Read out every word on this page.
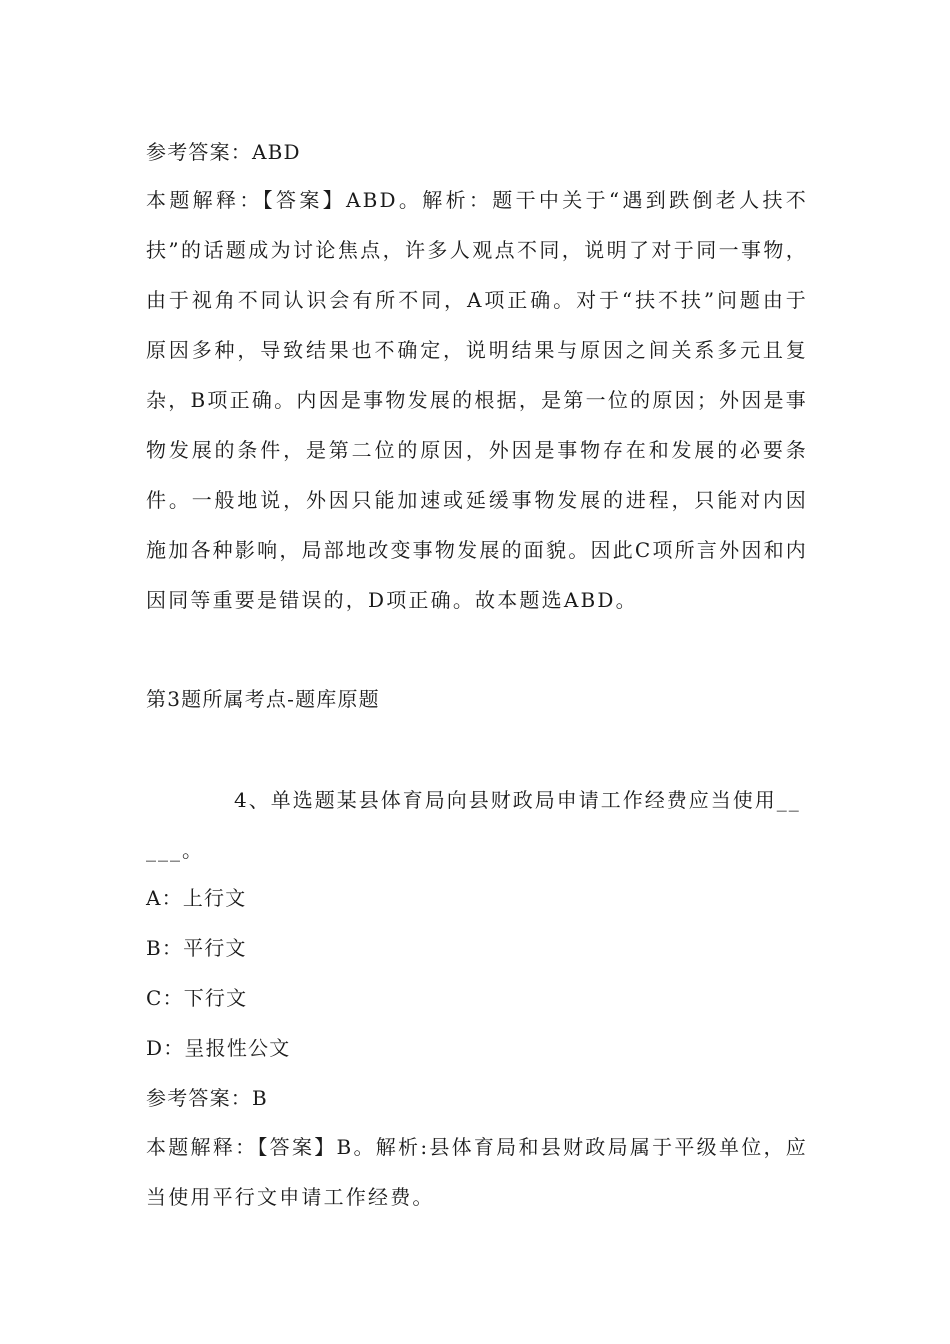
参考答案：ABD
本题解释：【答案】ABD。解析：题干中关于“遇到跌倒老人扶不扶”的话题成为讨论焦点，许多人观点不同，说明了对于同一事物，由于视角不同认识会有所不同，A项正确。对于“扶不扶”问题由于原因多种，导致结果也不确定，说明结果与原因之间关系多元且复杂，B项正确。内因是事物发展的根据，是第一位的原因；外因是事物发展的条件，是第二位的原因，外因是事物存在和发展的必要条件。一般地说，外因只能加速或延缓事物发展的进程，只能对内因施加各种影响，局部地改变事物发展的面貌。因此C项所言外因和内因同等重要是错误的，D项正确。故本题选ABD。
第3题所属考点-题库原题
4、单选题某县体育局向县财政局申请工作经费应当使用_____。
A：上行文
B：平行文
C：下行文
D：呈报性公文
参考答案：B
本题解释：【答案】B。解析:县体育局和县财政局属于平级单位，应当使用平行文申请工作经费。
